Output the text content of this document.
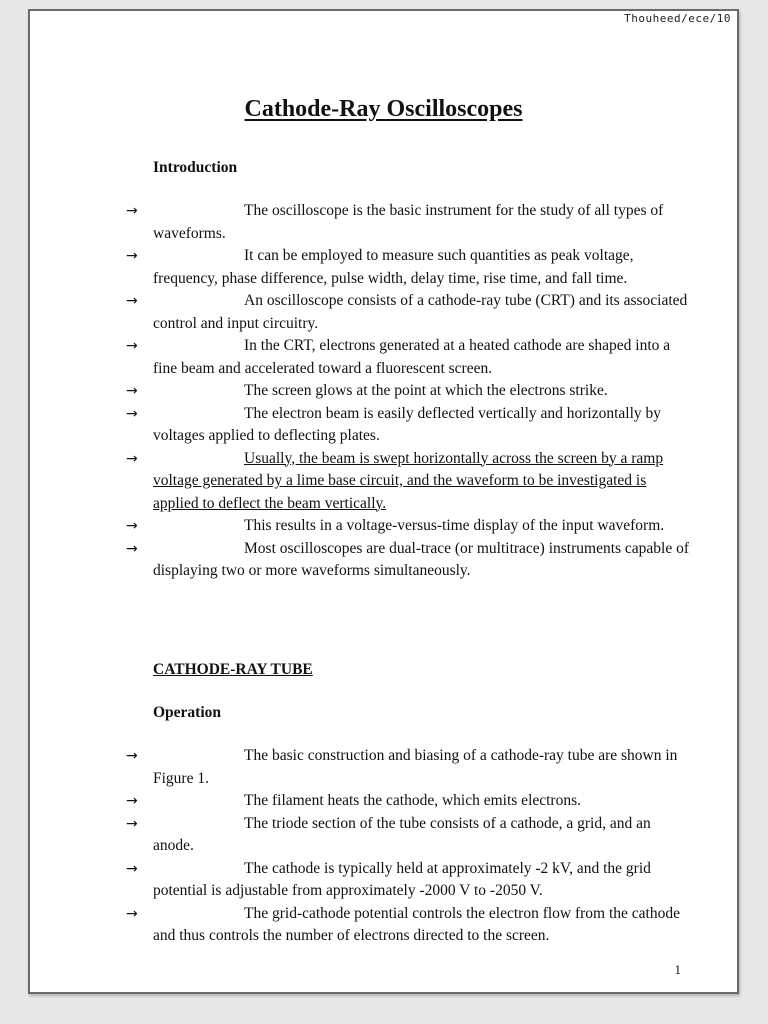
Thouheed/ece/10
Cathode-Ray Oscilloscopes
Introduction
→	The oscilloscope is the basic instrument for the study of all types of waveforms.
→	It can be employed to measure such quantities as peak voltage, frequency, phase difference, pulse width, delay time, rise time, and fall time.
→	An oscilloscope consists of a cathode-ray tube (CRT) and its associated control and input circuitry.
→	In the CRT, electrons generated at a heated cathode are shaped into a fine beam and accelerated toward a fluorescent screen.
→	The screen glows at the point at which the electrons strike.
→	The electron beam is easily deflected vertically and horizontally by voltages applied to deflecting plates.
→	Usually, the beam is swept horizontally across the screen by a ramp voltage generated by a lime base circuit, and the waveform to be investigated is applied to deflect the beam vertically.
→	This results in a voltage-versus-time display of the input waveform.
→	Most oscilloscopes are dual-trace (or multitrace) instruments capable of displaying two or more waveforms simultaneously.
CATHODE-RAY TUBE
Operation
→	The basic construction and biasing of a cathode-ray tube are shown in Figure 1.
→	The filament heats the cathode, which emits electrons.
→	The triode section of the tube consists of a cathode, a grid, and an anode.
→	The cathode is typically held at approximately -2 kV, and the grid potential is adjustable from approximately -2000 V to -2050 V.
→	The grid-cathode potential controls the electron flow from the cathode and thus controls the number of electrons directed to the screen.
1
